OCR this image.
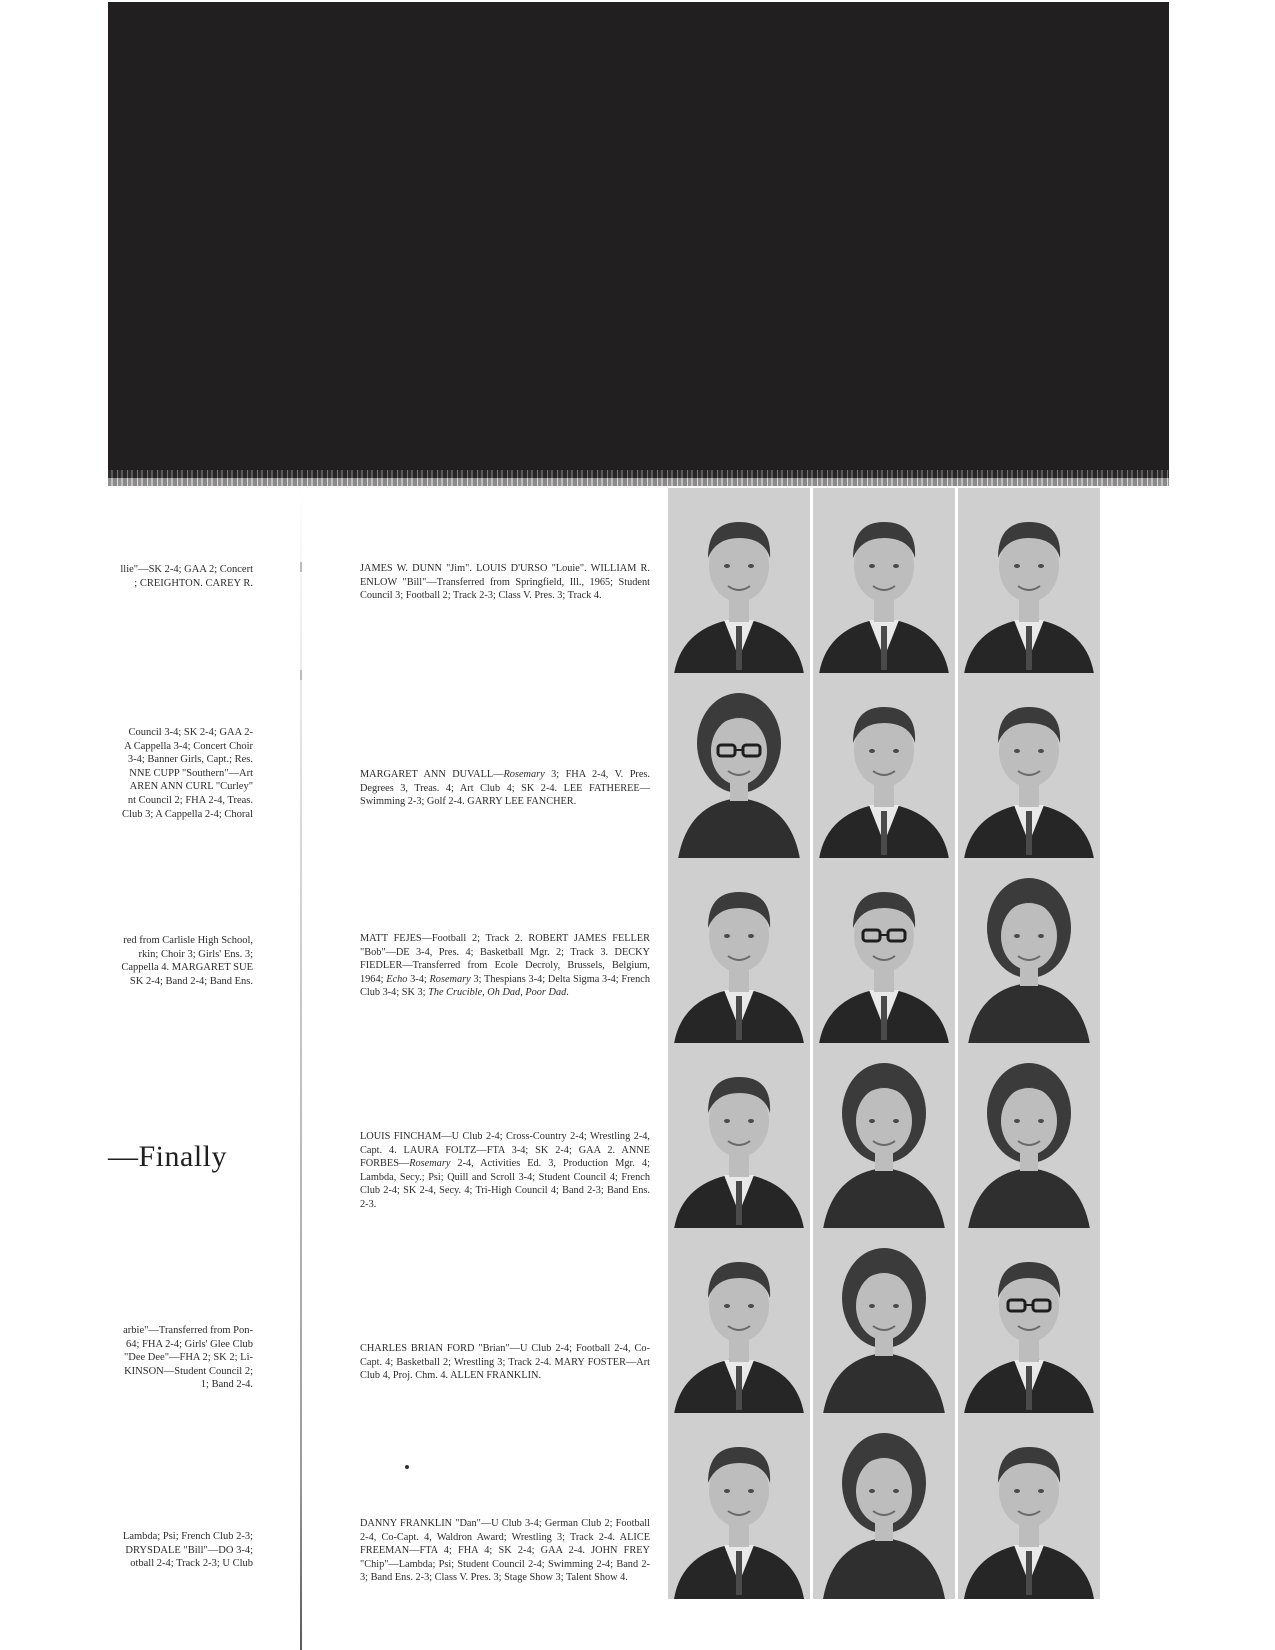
llie"—SK 2-4; GAA 2; Concert
; CREIGHTON. CAREY R.
Council 3-4; SK 2-4; GAA 2-
A Cappella 3-4; Concert Choir
3-4; Banner Girls, Capt.; Res.
NNE CUPP "Southern"—Art
AREN ANN CURL "Curley"
nt Council 2; FHA 2-4, Treas.
Club 3; A Cappella 2-4; Choral
red from Carlisle High School,
rkin; Choir 3; Girls' Ens. 3;
Cappella 4. MARGARET SUE
SK 2-4; Band 2-4; Band Ens.
arbie"—Transferred from Pon-
64; FHA 2-4; Girls' Glee Club
"Dee Dee"—FHA 2; SK 2; Li-
KINSON—Student Council 2;
1; Band 2-4.
Lambda; Psi; French Club 2-3;
DRYSDALE "Bill"—DO 3-4;
otball 2-4; Track 2-3; U Club
—Finally
JAMES W. DUNN "Jim". LOUIS D'URSO "Louie". WILLIAM R. ENLOW "Bill"—Transferred from Springfield, Ill., 1965; Student Council 3; Football 2; Track 2-3; Class V. Pres. 3; Track 4.
MARGARET ANN DUVALL—Rosemary 3; FHA 2-4, V. Pres. Degrees 3, Treas. 4; Art Club 4; SK 2-4. LEE FATHEREE—Swimming 2-3; Golf 2-4. GARRY LEE FANCHER.
MATT FEJES—Football 2; Track 2. ROBERT JAMES FELLER "Bob"—DE 3-4, Pres. 4; Basketball Mgr. 2; Track 3. DECKY FIEDLER—Transferred from Ecole Decroly, Brussels, Belgium, 1964; Echo 3-4; Rosemary 3; Thespians 3-4; Delta Sigma 3-4; French Club 3-4; SK 3; The Crucible, Oh Dad, Poor Dad.
LOUIS FINCHAM—U Club 2-4; Cross-Country 2-4; Wrestling 2-4, Capt. 4. LAURA FOLTZ—FTA 3-4; SK 2-4; GAA 2. ANNE FORBES—Rosemary 2-4, Activities Ed. 3, Production Mgr. 4; Lambda, Secy.; Psi; Quill and Scroll 3-4; Student Council 4; French Club 2-4; SK 2-4, Secy. 4; Tri-High Council 4; Band 2-3; Band Ens. 2-3.
CHARLES BRIAN FORD "Brian"—U Club 2-4; Football 2-4, Co-Capt. 4; Basketball 2; Wrestling 3; Track 2-4. MARY FOSTER—Art Club 4, Proj. Chm. 4. ALLEN FRANKLIN.
DANNY FRANKLIN "Dan"—U Club 3-4; German Club 2; Football 2-4, Co-Capt. 4, Waldron Award; Wrestling 3; Track 2-4. ALICE FREEMAN—FTA 4; FHA 4; SK 2-4; GAA 2-4. JOHN FREY "Chip"—Lambda; Psi; Student Council 2-4; Swimming 2-4; Band 2-3; Band Ens. 2-3; Class V. Pres. 3; Stage Show 3; Talent Show 4.
